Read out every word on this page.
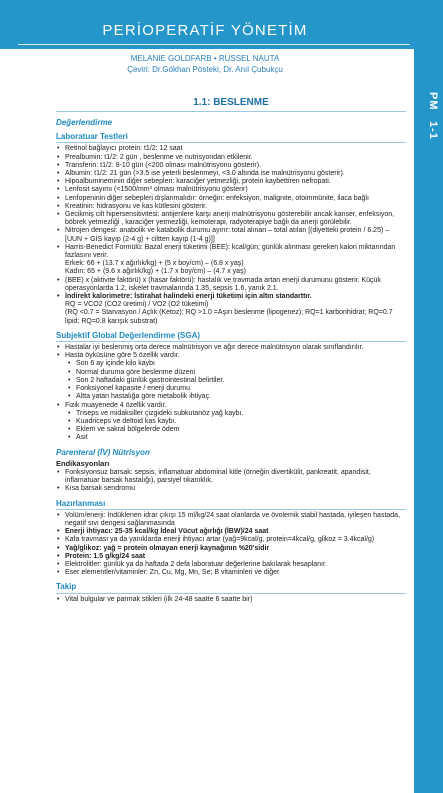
PERİOPERATİF YÖNETİM
PM 1-1
MELANIE GOLDFARB • RUSSEL NAUTA
Çeviri: Dr.Gökhan Pösteki, Dr. Anıl Çubukçu
1.1: BESLENME
Değerlendirme
Laboratuar Testleri
• Retinol bağlayıcı protein: t1/2: 12 saat
• Prealbumin: t1/2: 2 gün , beslenme ve nutrisyondan etkilenir.
• Transferin: t1/2: 8-10 gün (<200 olması malnütrisyonu gösterir).
• Albumin: t1/2: 21 gün (>3.5 ise yeterli beslenmeyi, <3.0 altında ise malnütrisyonu gösterir).
• Hipoalbumineminin diğer sebepleri: karaciğer yetmezliği, protein kaybettiren nefropati.
• Lenfosit sayımı (<1500/mm³ olması malnütrisyonu gösterir)
• Lenfopeninin diğer sebepleri dışlanmalıdır: örneğin: enfeksiyon, malignite, otoimmünite, ilaca bağlı
• Kreatinin: hidrasyonu ve kas kütlesini gösterir.
• Gecikmiş cilt hipersensitivitesi: antijenlere karşı anerji malnütrisyonu gösterebilir ancak kanser, enfeksiyon, böbrek yetmezliği , karaciğer yetmezliği, kemoterapi, radyoterapiye bağlı da anerji görülebilir.
• Nitrojen dengesi: anabolik ve katabolik durumu ayırır: total alınan – total atılan [(diyetteki protein / 6.25) – [UUN + GİS kayıp (2-4 g) + ciltten kayıp (1-4 g)]]
• Harris-Benedict Formülü: Bazal enerji tüketimi (BEE): kcal/gün; günlük alınması gereken kalori miktarından fazlasını verir.
Erkek: 66 + (13.7 x ağırlık/kg) + (5 x boy/cm) – (6.8 x yaş)
Kadın: 65 + (9.6 x ağırlık/kg) + (1.7 x boy/cm) – (4.7 x yaş)
• (BEE) x (aktivite faktörü) x (hasar faktörü): hastalık ve travmada artan enerji durumunu gösterir. Küçük operasyonlarda 1.2, iskelet travmalarında 1.35, sepsis 1.6, yanık 2.1.
• İndirekt kalorimetre: İstirahat halindeki enerji tüketimi için altın standarttır.
RQ = VCO2 (CO2 üretimi) / VO2 (O2 tüketimi)
(RQ <0.7 = Starvasyon / Açlık (Ketoz); RQ >1.0 =Aşırı beslenme (lipogenez); RQ=1 karbonhidrat; RQ=0.7 lipid; RQ=0.8 karışık substrat)
Subjektif Global Değerlendirme (SGA)
• Hastalar iyi beslenmiş orta derece malnütrisyon ve ağır derece malnütrisyon olarak sınıflandırılır.
• Hasta öyküsüne göre 5 özellik vardır.
• Son 6 ay içinde kilo kaybı
• Normal duruma göre beslenme düzeni
• Son 2 haftadaki günlük gastrointestinal belirtiler.
• Fonksiyonel kapasite / enerji durumu
• Altta yatan hastalığa göre metabolik ihtiyaç.
• Fizik muayenede 4 özellik vardır.
• Triseps ve midaksiller çizgideki subkutanöz yağ kaybı.
• Kuadriceps ve deltoid kas kaybı.
• Eklem ve sakral bölgelerde ödem
• Asit
Parenteral (İV) Nütrisyon
Endikasyonları
• Fonksiyonsuz barsak: sepsis, inflamatuar abdominal kitle (örneğin divertikülit, pankreatit, apandisit, inflamatuar barsak hastalığı), parsiyel tıkanıklık.
• Kısa barsak sendromu
Hazırlanması
• Volüm/enerji: İndüklenen idrar çıkışı 15 ml/kg/24 saat olanlarda ve övolemik stabil hastada, iyileşen hastada, negatif sıvı dengesi sağlanmasında
• Enerji ihtiyacı: 25-35 kcal/kg İdeal Vücut ağırlığı (İBW)/24 saat
• Kafa travması ya da yanıklarda enerji ihtiyacı artar (yağ=9kcal/g, protein=4kcal/g, glikoz = 3.4kcal/g)
• Yağ/glikoz: yağ = protein olmayan enerji kaynağının %20'sidir
• Protein: 1.5 g/kg/24 saat
• Elektrolitler: günlük ya da haftada 2 defa laboratuar değerlerine bakılarak hesaplanır.
• Eser elementler/vitaminler: Zn, Cu, Mg, Mn, Se; B vitaminleri ve diğer
Takip
• Vital bulgular ve parmak stikleri (ilk 24-48 saatte 6 saatte bir)
